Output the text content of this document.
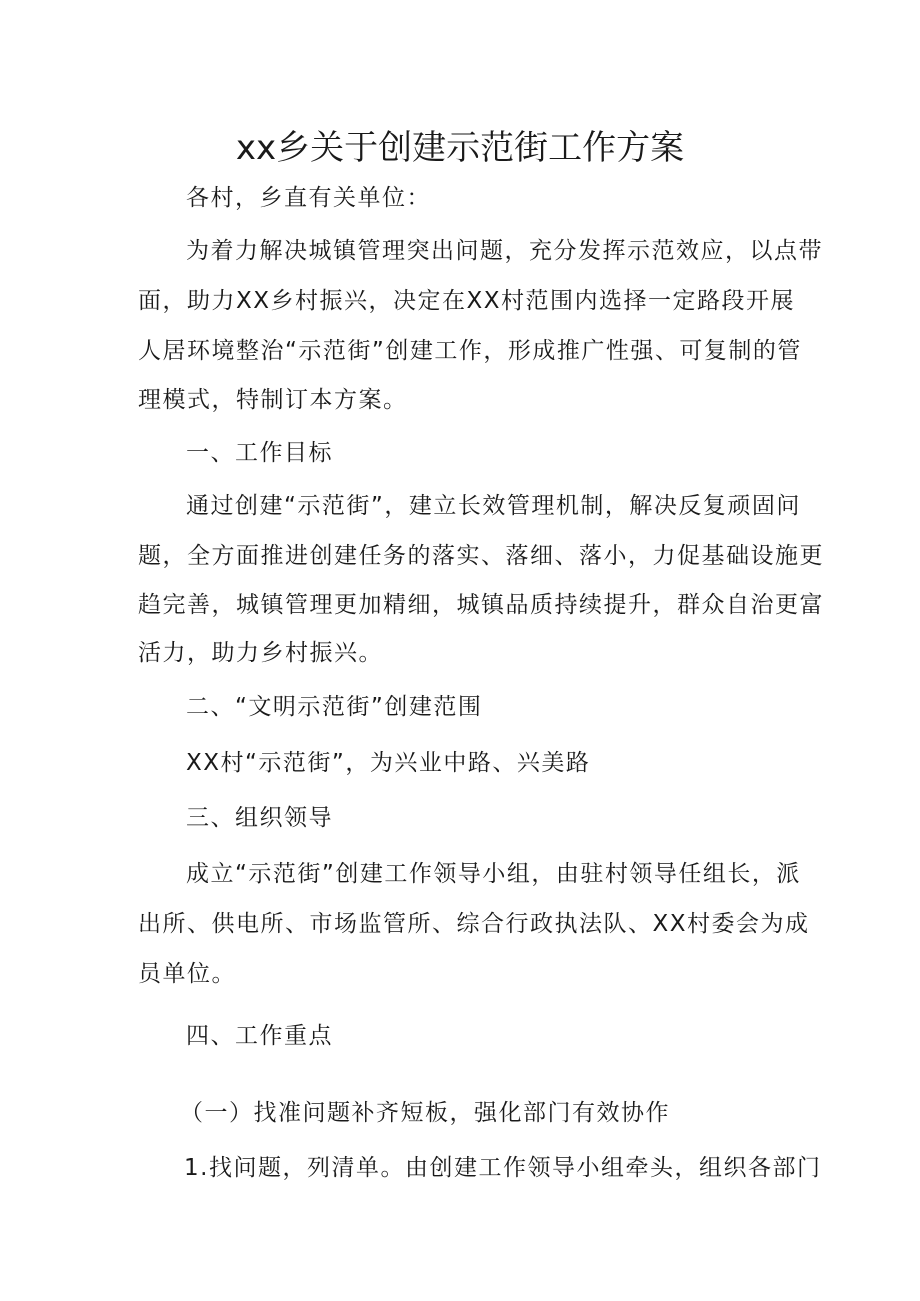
xx乡关于创建示范街工作方案
各村，乡直有关单位：
为着力解决城镇管理突出问题，充分发挥示范效应，以点带
面，助力XX乡村振兴，决定在XX村范围内选择一定路段开展
人居环境整治“示范街”创建工作，形成推广性强、可复制的管
理模式，特制订本方案。
一、工作目标
通过创建“示范街”，建立长效管理机制，解决反复顽固问
题，全方面推进创建任务的落实、落细、落小，力促基础设施更
趋完善，城镇管理更加精细，城镇品质持续提升，群众自治更富
活力，助力乡村振兴。
二、“文明示范街”创建范围
XX村“示范街”，为兴业中路、兴美路
三、组织领导
成立“示范街”创建工作领导小组，由驻村领导任组长，派
出所、供电所、市场监管所、综合行政执法队、XX村委会为成
员单位。
四、工作重点
（一）找准问题补齐短板，强化部门有效协作
1.找问题，列清单。由创建工作领导小组牵头，组织各部门
